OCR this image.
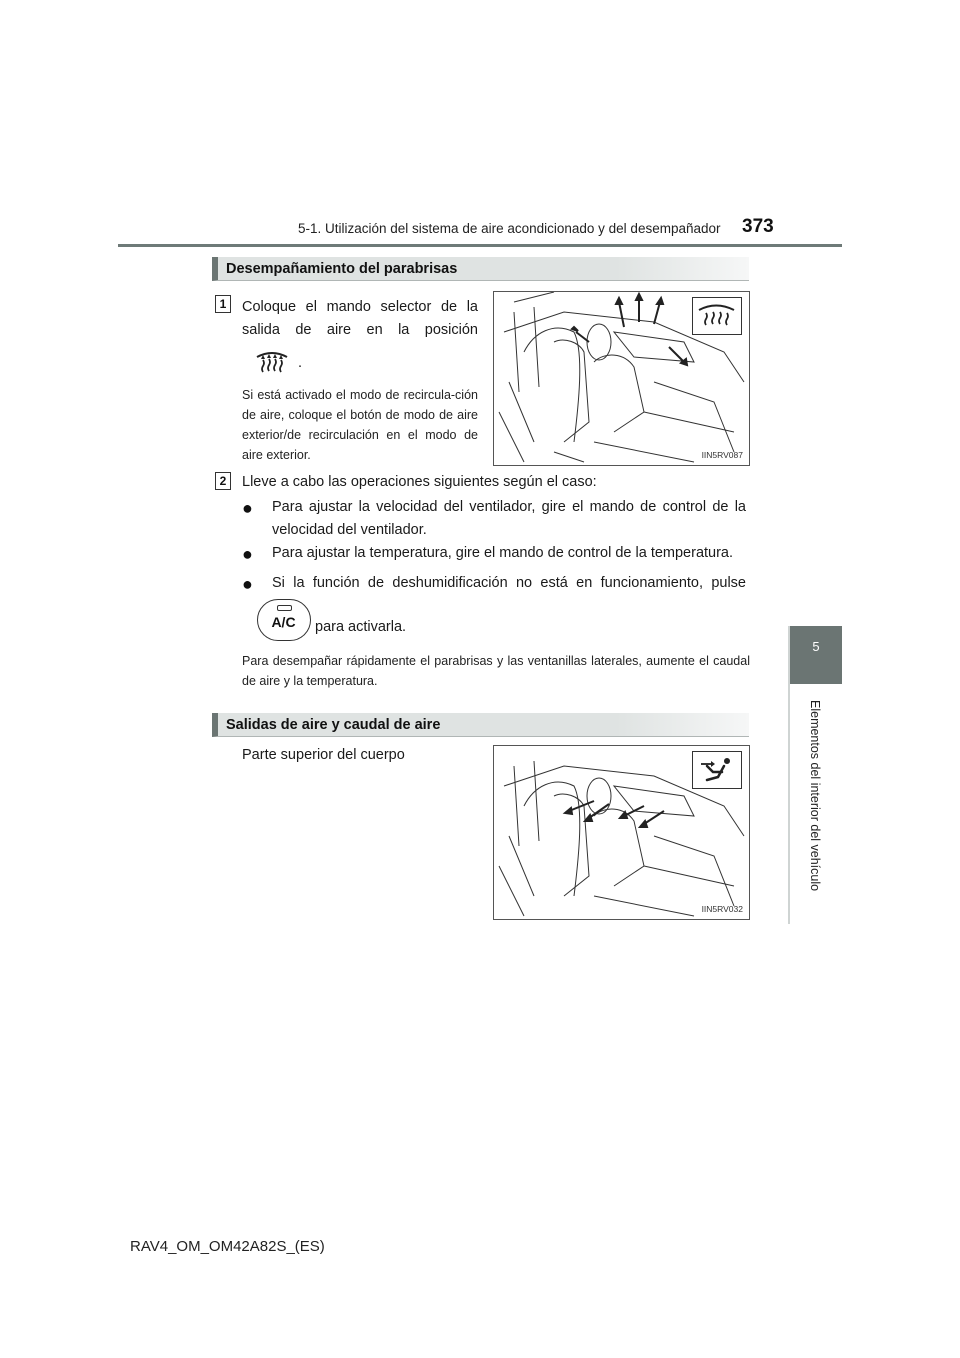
5-1. Utilización del sistema de aire acondicionado y del desempañador 373
5
Elementos del interior del vehículo
Desempañamiento del parabrisas
1	Coloque el mando selector de la
salida de aire en la posición
.
Si está activado el modo de recircula-ción de aire, coloque el botón de modo de aire exterior/de recirculación en el modo de aire exterior.	IIN5RV087
2	Lleve a cabo las operaciones siguientes según el caso:
● Para ajustar la velocidad del ventilador, gire el mando de control de la velocidad del ventilador.
● Para ajustar la temperatura, gire el mando de control de la temperatura.
● Si la función de deshumidificación no está en funcionamiento, pulse
A/C	para activarla.
Para desempañar rápidamente el parabrisas y las ventanillas laterales, aumente el caudal de aire y la temperatura.
Salidas de aire y caudal de aire
Parte superior del cuerpo
IIN5RV032
RAV4_OM_OM42A82S_(ES)
